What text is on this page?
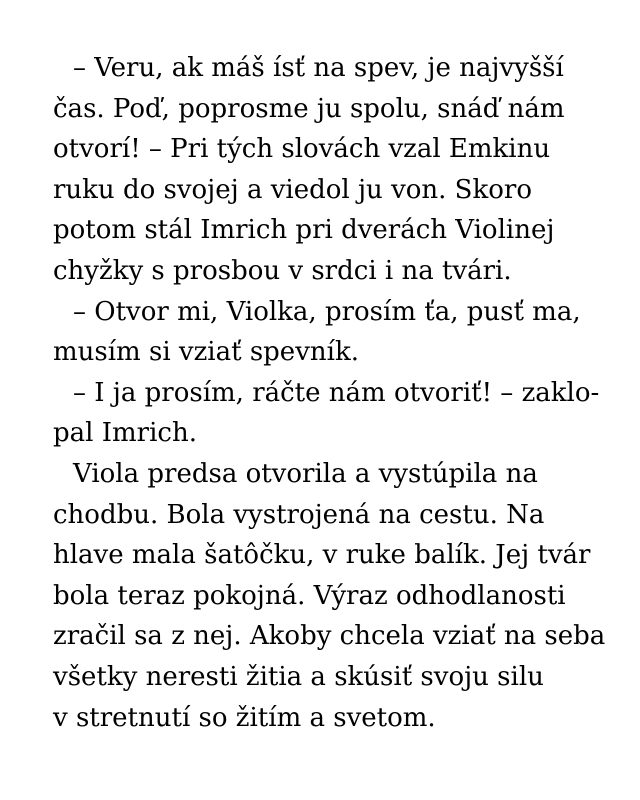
– Veru, ak máš ísť na spev, je najvyšší
čas. Poď, poprosme ju spolu, snáď nám
otvorí! – Pri tých slovách vzal Emkinu
ruku do svojej a viedol ju von. Skoro
potom stál Imrich pri dverách Violinej
chyžky s prosbou v srdci i na tvári.
– Otvor mi, Violka, prosím ťa, pusť ma,
musím si vziať spevník.
– I ja prosím, ráčte nám otvoriť! – zaklo-
pal Imrich.
Viola predsa otvorila a vystúpila na
chodbu. Bola vystrojená na cestu. Na
hlave mala šatôčku, v ruke balík. Jej tvár
bola teraz pokojná. Výraz odhodlanosti
zračil sa z nej. Akoby chcela vziať na seba
všetky neresti žitia a skúsiť svoju silu
v stretnutí so žitím a svetom.
